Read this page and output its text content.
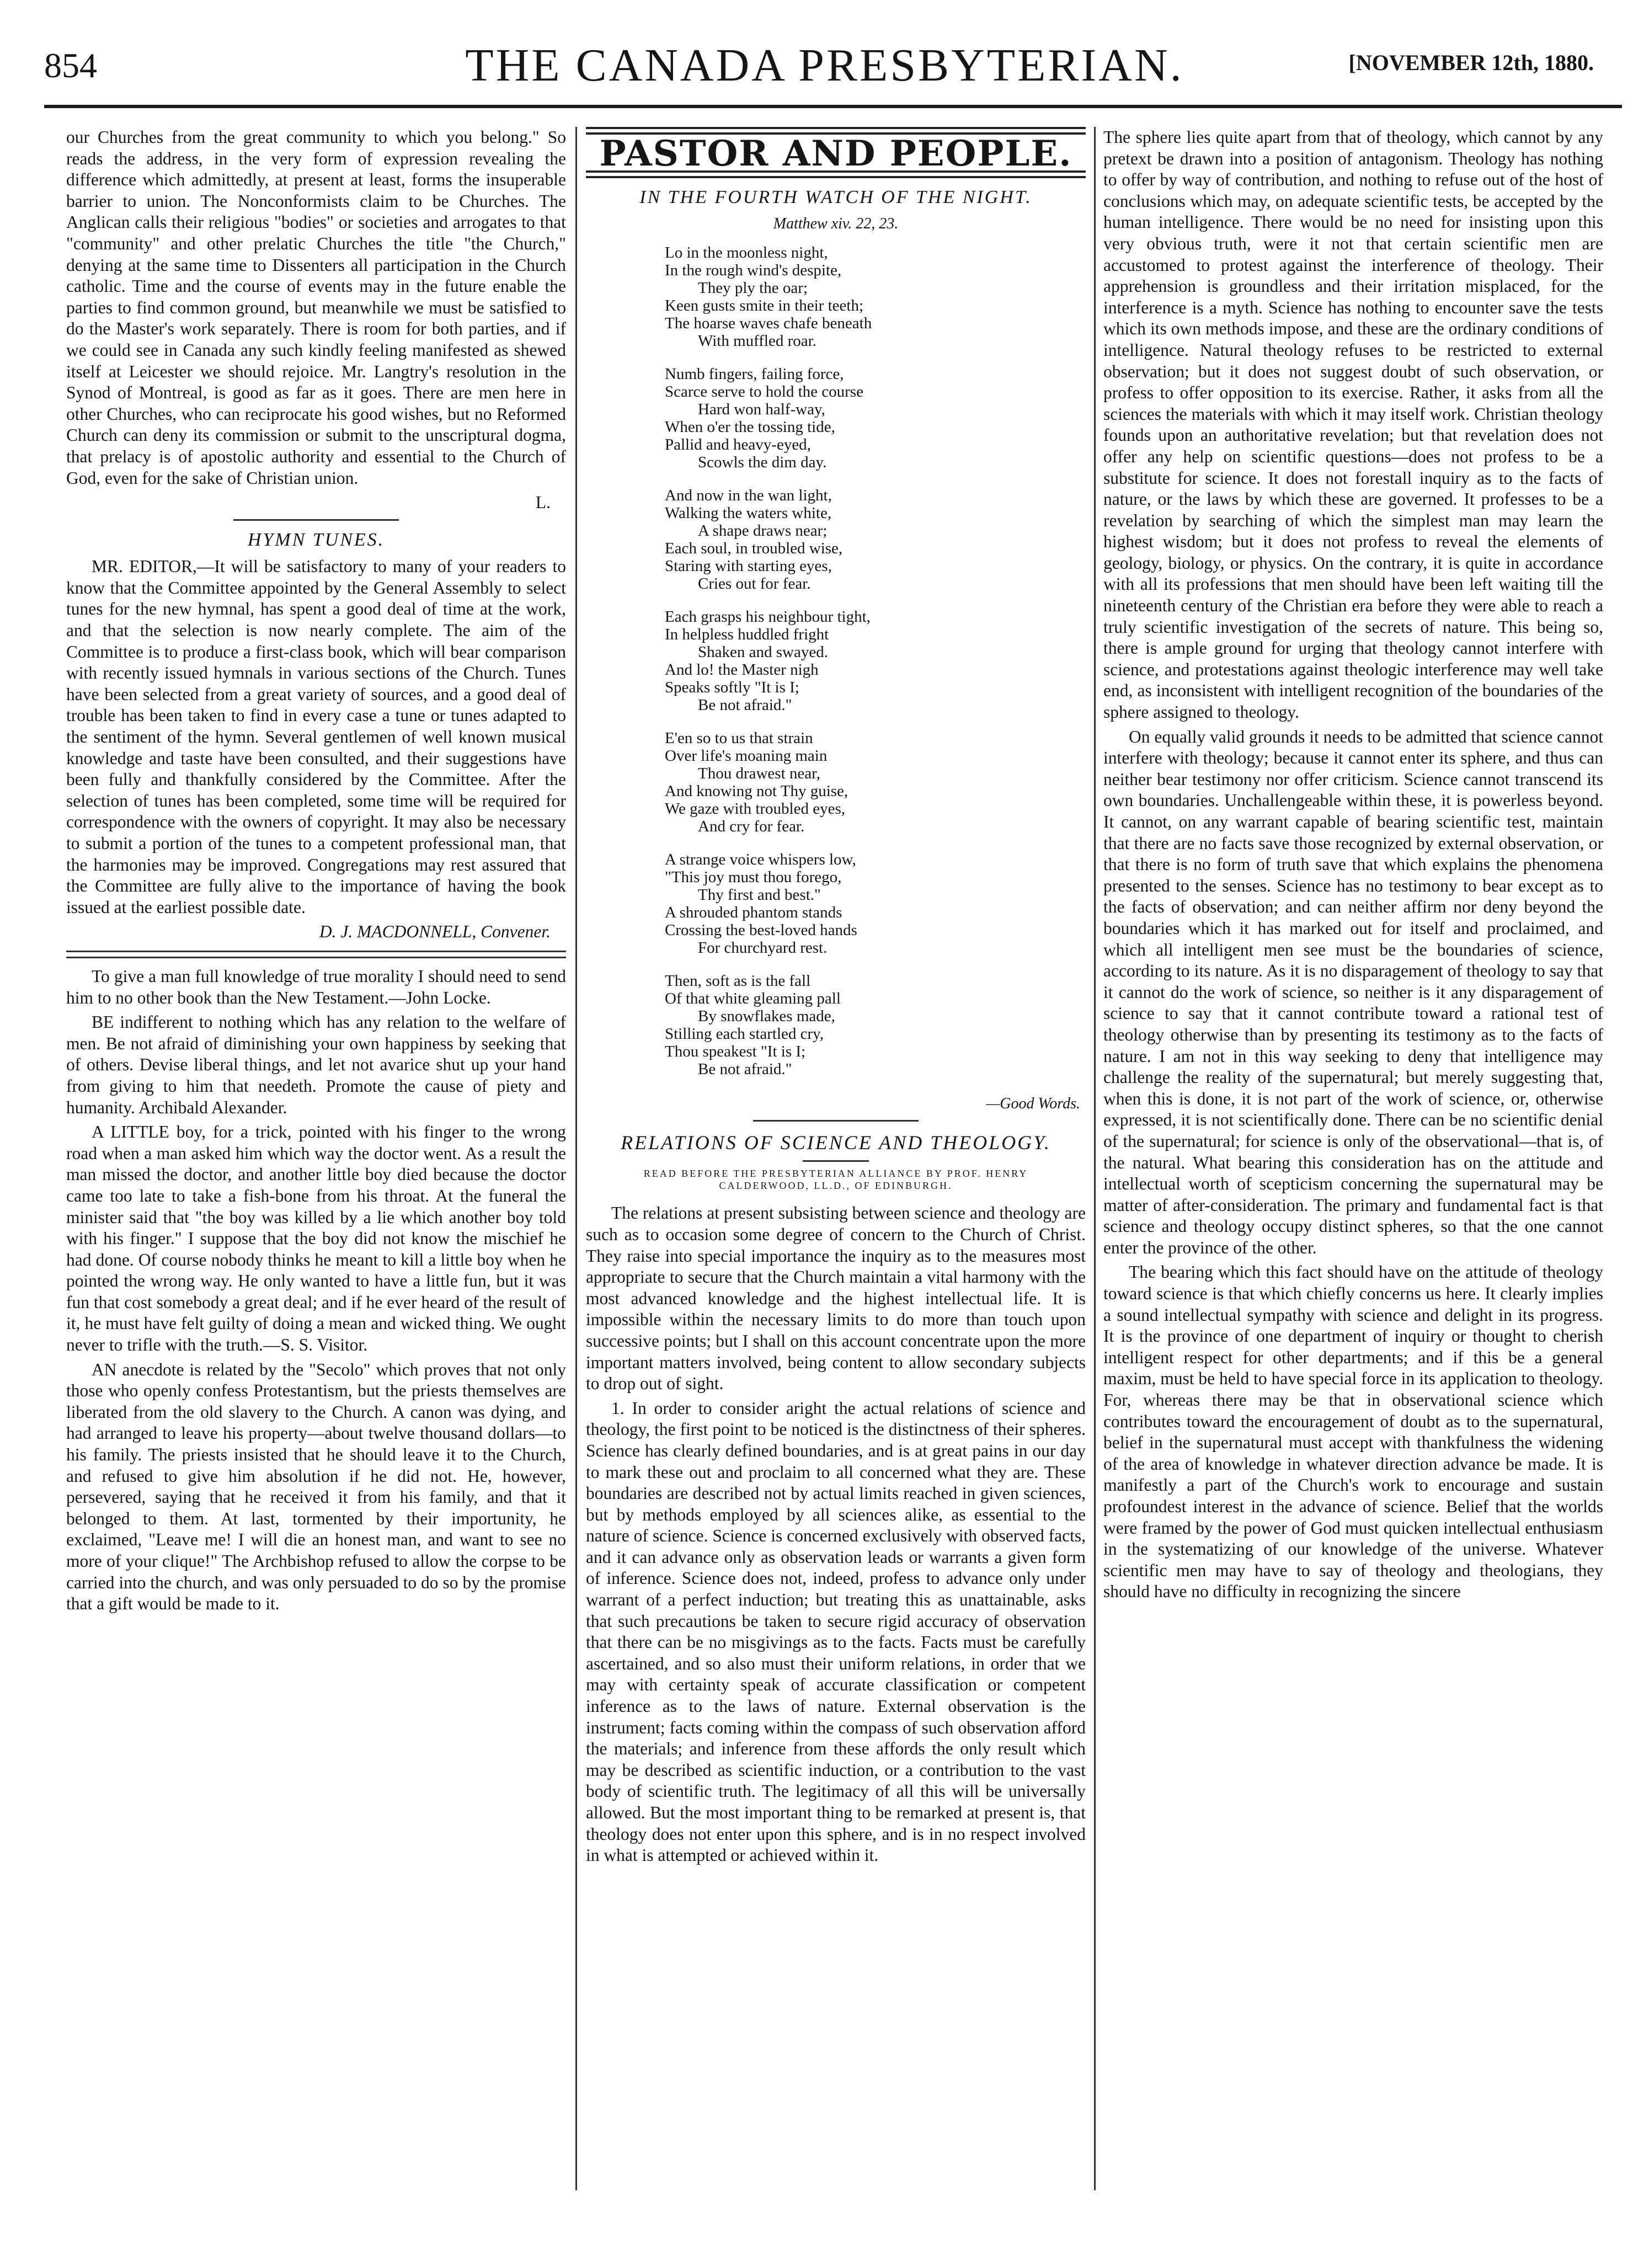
854	THE CANADA PRESBYTERIAN.	[NOVEMBER 12th, 1880.

our Churches from the great community to which you belong." So reads the address, in the very form of expression revealing the difference which admittedly, at present at least, forms the insuperable barrier to union. The Nonconformists claim to be Churches. The Anglican calls their religious "bodies" or societies and arrogates to that "community" and other prelatic Churches the title "the Church," denying at the same time to Dissenters all participation in the Church catholic. Time and the course of events may in the future enable the parties to find common ground, but meanwhile we must be satisfied to do the Master's work separately. There is room for both parties, and if we could see in Canada any such kindly feeling manifested as shewed itself at Leicester we should rejoice. Mr. Langtry's resolution in the Synod of Montreal, is good as far as it goes. There are men here in other Churches, who can reciprocate his good wishes, but no Reformed Church can deny its commission or submit to the unscriptural dogma, that prelacy is of apostolic authority and essential to the Church of God, even for the sake of Christian union.

L.
HYMN TUNES.

MR. EDITOR,—It will be satisfactory to many of your readers to know that the Committee appointed by the General Assembly to select tunes for the new hymnal, has spent a good deal of time at the work, and that the selection is now nearly complete. The aim of the Committee is to produce a first-class book, which will bear comparison with recently issued hymnals in various sections of the Church. Tunes have been selected from a great variety of sources, and a good deal of trouble has been taken to find in every case a tune or tunes adapted to the sentiment of the hymn. Several gentlemen of well known musical knowledge and taste have been consulted, and their suggestions have been fully and thankfully considered by the Committee. After the selection of tunes has been completed, some time will be required for correspondence with the owners of copyright. It may also be necessary to submit a portion of the tunes to a competent professional man, that the harmonies may be improved. Congregations may rest assured that the Committee are fully alive to the importance of having the book issued at the earliest possible date.

D. J. MACDONNELL, Convener.

To give a man full knowledge of true morality I should need to send him to no other book than the New Testament.—John Locke.

BE indifferent to nothing which has any relation to the welfare of men. Be not afraid of diminishing your own happiness by seeking that of others. Devise liberal things, and let not avarice shut up your hand from giving to him that needeth. Promote the cause of piety and humanity. Archibald Alexander.

A LITTLE boy, for a trick, pointed with his finger to the wrong road when a man asked him which way the doctor went. As a result the man missed the doctor, and another little boy died because the doctor came too late to take a fish-bone from his throat. At the funeral the minister said that "the boy was killed by a lie which another boy told with his finger." I suppose that the boy did not know the mischief he had done. Of course nobody thinks he meant to kill a little boy when he pointed the wrong way. He only wanted to have a little fun, but it was fun that cost somebody a great deal; and if he ever heard of the result of it, he must have felt guilty of doing a mean and wicked thing. We ought never to trifle with the truth.—S. S. Visitor.

AN anecdote is related by the "Secolo" which proves that not only those who openly confess Protestantism, but the priests themselves are liberated from the old slavery to the Church. A canon was dying, and had arranged to leave his property—about twelve thousand dollars—to his family. The priests insisted that he should leave it to the Church, and refused to give him absolution if he did not. He, however, persevered, saying that he received it from his family, and that it belonged to them. At last, tormented by their importunity, he exclaimed, "Leave me! I will die an honest man, and want to see no more of your clique!" The Archbishop refused to allow the corpse to be carried into the church, and was only persuaded to do so by the promise that a gift would be made to it.

PASTOR AND PEOPLE.
IN THE FOURTH WATCH OF THE NIGHT.
Matthew xiv. 22, 23.
Lo in the moonless night,
In the rough wind's despite,
They ply the oar;
Keen gusts smite in their teeth;
The hoarse waves chafe beneath
With muffled roar.
Numb fingers, failing force,
Scarce serve to hold the course
Hard won half-way,
When o'er the tossing tide,
Pallid and heavy-eyed,
Scowls the dim day.
And now in the wan light,
Walking the waters white,
A shape draws near;
Each soul, in troubled wise,
Staring with starting eyes,
Cries out for fear.
Each grasps his neighbour tight,
In helpless huddled fright
Shaken and swayed.
And lo! the Master nigh
Speaks softly "It is I;
Be not afraid."
E'en so to us that strain
Over life's moaning main
Thou drawest near,
And knowing not Thy guise,
We gaze with troubled eyes,
And cry for fear.
A strange voice whispers low,
"This joy must thou forego,
Thy first and best."
A shrouded phantom stands
Crossing the best-loved hands
For churchyard rest.
Then, soft as is the fall
Of that white gleaming pall
By snowflakes made,
Stilling each startled cry,
Thou speakest "It is I;
Be not afraid."
—Good Words.
RELATIONS OF SCIENCE AND THEOLOGY.
READ BEFORE THE PRESBYTERIAN ALLIANCE BY PROF. HENRY CALDERWOOD, LL.D., OF EDINBURGH.

The relations at present subsisting between science and theology are such as to occasion some degree of concern to the Church of Christ. They raise into special importance the inquiry as to the measures most appropriate to secure that the Church maintain a vital harmony with the most advanced knowledge and the highest intellectual life. It is impossible within the necessary limits to do more than touch upon successive points; but I shall on this account concentrate upon the more important matters involved, being content to allow secondary subjects to drop out of sight.

1. In order to consider aright the actual relations of science and theology, the first point to be noticed is the distinctness of their spheres. Science has clearly defined boundaries, and is at great pains in our day to mark these out and proclaim to all concerned what they are. These boundaries are described not by actual limits reached in given sciences, but by methods employed by all sciences alike, as essential to the nature of science. Science is concerned exclusively with observed facts, and it can advance only as observation leads or warrants a given form of inference. Science does not, indeed, profess to advance only under warrant of a perfect induction; but treating this as unattainable, asks that such precautions be taken to secure rigid accuracy of observation that there can be no misgivings as to the facts. Facts must be carefully ascertained, and so also must their uniform relations, in order that we may with certainty speak of accurate classification or competent inference as to the laws of nature. External observation is the instrument; facts coming within the compass of such observation afford the materials; and inference from these affords the only result which may be described as scientific induction, or a contribution to the vast body of scientific truth. The legitimacy of all this will be universally allowed. But the most important thing to be remarked at present is, that theology does not enter upon this sphere, and is in no respect involved in what is attempted or achieved within it.

The sphere lies quite apart from that of theology, which cannot by any pretext be drawn into a position of antagonism. Theology has nothing to offer by way of contribution, and nothing to refuse out of the host of conclusions which may, on adequate scientific tests, be accepted by the human intelligence. There would be no need for insisting upon this very obvious truth, were it not that certain scientific men are accustomed to protest against the interference of theology. Their apprehension is groundless and their irritation misplaced, for the interference is a myth. Science has nothing to encounter save the tests which its own methods impose, and these are the ordinary conditions of intelligence. Natural theology refuses to be restricted to external observation; but it does not suggest doubt of such observation, or profess to offer opposition to its exercise. Rather, it asks from all the sciences the materials with which it may itself work. Christian theology founds upon an authoritative revelation; but that revelation does not offer any help on scientific questions—does not profess to be a substitute for science. It does not forestall inquiry as to the facts of nature, or the laws by which these are governed. It professes to be a revelation by searching of which the simplest man may learn the highest wisdom; but it does not profess to reveal the elements of geology, biology, or physics. On the contrary, it is quite in accordance with all its professions that men should have been left waiting till the nineteenth century of the Christian era before they were able to reach a truly scientific investigation of the secrets of nature. This being so, there is ample ground for urging that theology cannot interfere with science, and protestations against theologic interference may well take end, as inconsistent with intelligent recognition of the boundaries of the sphere assigned to theology.

On equally valid grounds it needs to be admitted that science cannot interfere with theology; because it cannot enter its sphere, and thus can neither bear testimony nor offer criticism. Science cannot transcend its own boundaries. Unchallengeable within these, it is powerless beyond. It cannot, on any warrant capable of bearing scientific test, maintain that there are no facts save those recognized by external observation, or that there is no form of truth save that which explains the phenomena presented to the senses. Science has no testimony to bear except as to the facts of observation; and can neither affirm nor deny beyond the boundaries which it has marked out for itself and proclaimed, and which all intelligent men see must be the boundaries of science, according to its nature. As it is no disparagement of theology to say that it cannot do the work of science, so neither is it any disparagement of science to say that it cannot contribute toward a rational test of theology otherwise than by presenting its testimony as to the facts of nature. I am not in this way seeking to deny that intelligence may challenge the reality of the supernatural; but merely suggesting that, when this is done, it is not part of the work of science, or, otherwise expressed, it is not scientifically done. There can be no scientific denial of the supernatural; for science is only of the observational—that is, of the natural. What bearing this consideration has on the attitude and intellectual worth of scepticism concerning the supernatural may be matter of after-consideration. The primary and fundamental fact is that science and theology occupy distinct spheres, so that the one cannot enter the province of the other.

The bearing which this fact should have on the attitude of theology toward science is that which chiefly concerns us here. It clearly implies a sound intellectual sympathy with science and delight in its progress. It is the province of one department of inquiry or thought to cherish intelligent respect for other departments; and if this be a general maxim, must be held to have special force in its application to theology. For, whereas there may be that in observational science which contributes toward the encouragement of doubt as to the supernatural, belief in the supernatural must accept with thankfulness the widening of the area of knowledge in whatever direction advance be made. It is manifestly a part of the Church's work to encourage and sustain profoundest interest in the advance of science. Belief that the worlds were framed by the power of God must quicken intellectual enthusiasm in the systematizing of our knowledge of the universe. Whatever scientific men may have to say of theology and theologians, they should have no difficulty in recognizing the sincere
